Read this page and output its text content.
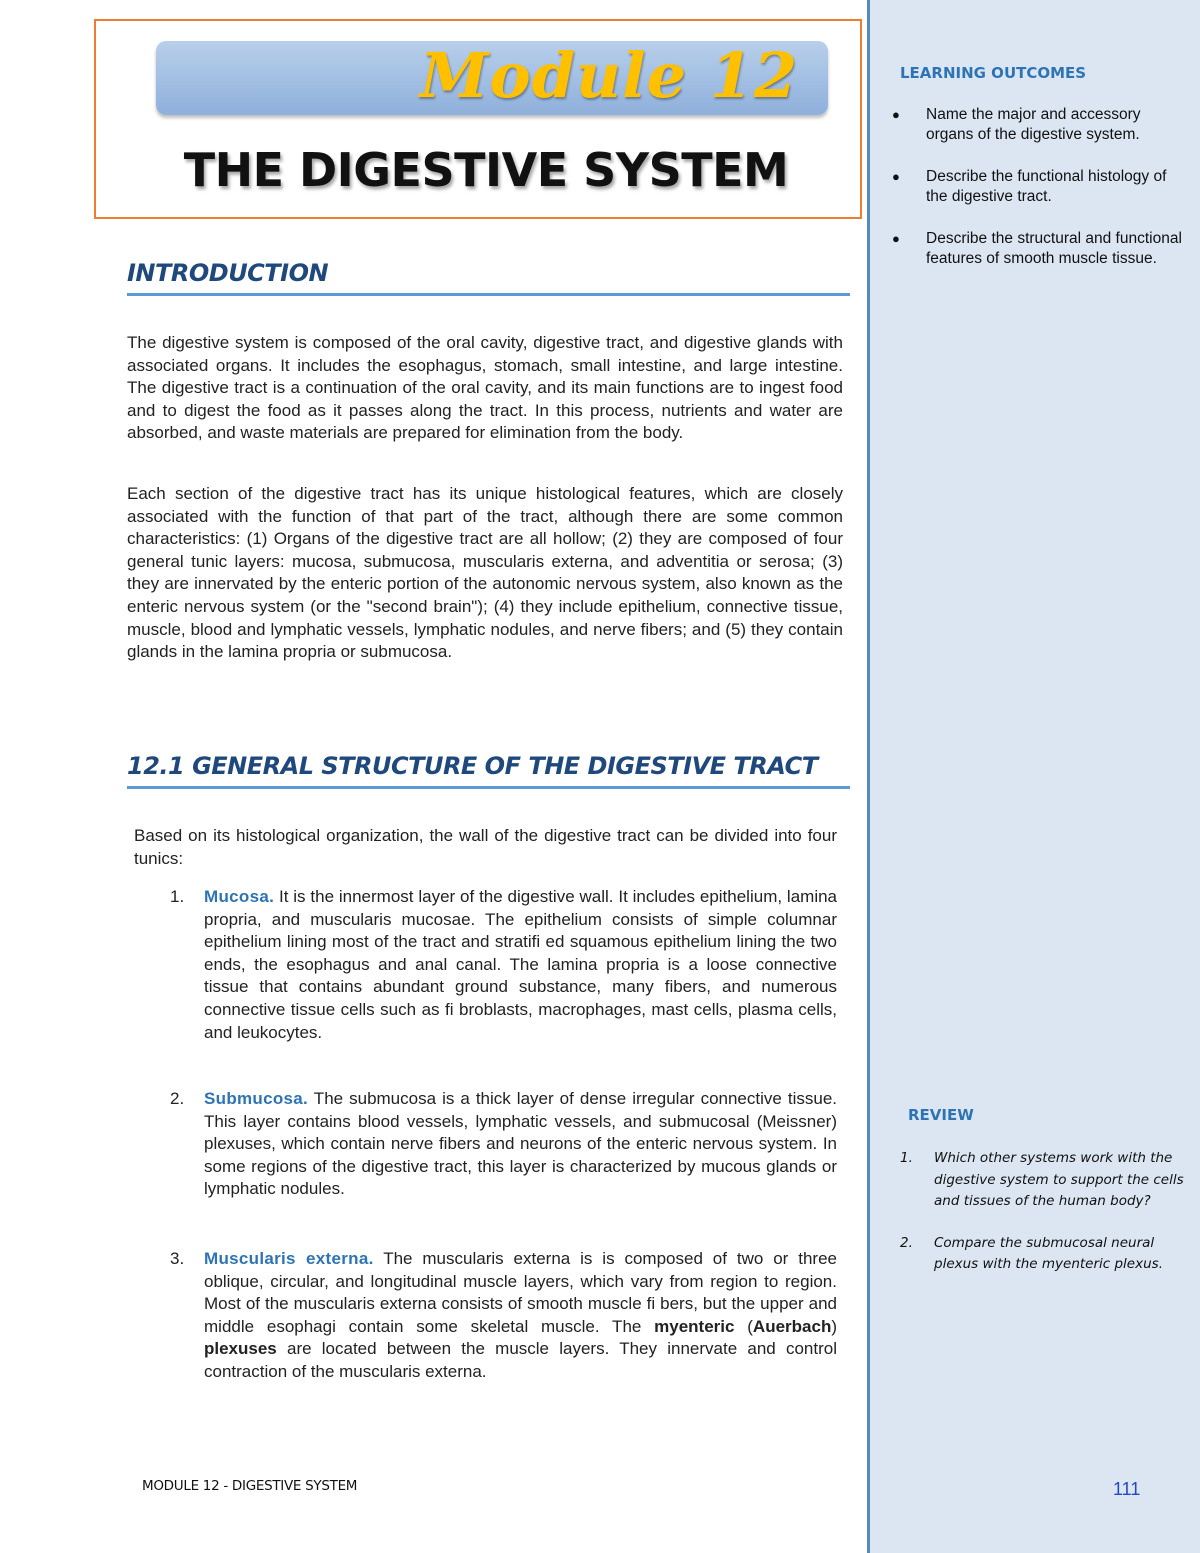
LEARNING OUTCOMES
● Name the major and accessory organs of the digestive system.
● Describe the functional histology of the digestive tract.
● Describe the structural and functional features of smooth muscle tissue.
REVIEW
1. Which other systems work with the digestive system to support the cells and tissues of the human body?
2. Compare the submucosal neural plexus with the myenteric plexus.
111
Module 12
THE DIGESTIVE SYSTEM
INTRODUCTION

The digestive system is composed of the oral cavity, digestive tract, and digestive glands with associated organs. It includes the esophagus, stomach, small intestine, and large intestine. The digestive tract is a continuation of the oral cavity, and its main functions are to ingest food and to digest the food as it passes along the tract. In this process, nutrients and water are absorbed, and waste materials are prepared for elimination from the body.

Each section of the digestive tract has its unique histological features, which are closely associated with the function of that part of the tract, although there are some common characteristics: (1) Organs of the digestive tract are all hollow; (2) they are composed of four general tunic layers: mucosa, submucosa, muscularis externa, and adventitia or serosa; (3) they are innervated by the enteric portion of the autonomic nervous system, also known as the enteric nervous system (or the "second brain"); (4) they include epithelium, connective tissue, muscle, blood and lymphatic vessels, lymphatic nodules, and nerve fibers; and (5) they contain glands in the lamina propria or submucosa.

12.1 GENERAL STRUCTURE OF THE DIGESTIVE TRACT

Based on its histological organization, the wall of the digestive tract can be divided into four tunics:

1. Mucosa. It is the innermost layer of the digestive wall. It includes epithelium, lamina propria, and muscularis mucosae. The epithelium consists of simple columnar epithelium lining most of the tract and stratifi ed squamous epithelium lining the two ends, the esophagus and anal canal. The lamina propria is a loose connective tissue that contains abundant ground substance, many fibers, and numerous connective tissue cells such as fi broblasts, macrophages, mast cells, plasma cells, and leukocytes.
2. Submucosa. The submucosa is a thick layer of dense irregular connective tissue. This layer contains blood vessels, lymphatic vessels, and submucosal (Meissner) plexuses, which contain nerve fibers and neurons of the enteric nervous system. In some regions of the digestive tract, this layer is characterized by mucous glands or lymphatic nodules.
3. Muscularis externa. The muscularis externa is is composed of two or three oblique, circular, and longitudinal muscle layers, which vary from region to region. Most of the muscularis externa consists of smooth muscle fi bers, but the upper and middle esophagi contain some skeletal muscle. The myenteric (Auerbach) plexuses are located between the muscle layers. They innervate and control contraction of the muscularis externa.
MODULE 12 - DIGESTIVE SYSTEM
